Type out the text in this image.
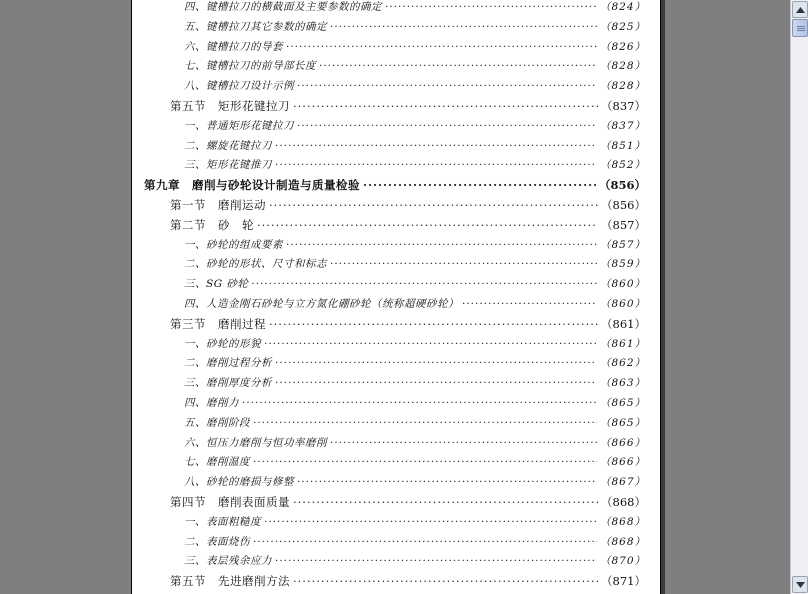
四、键槽拉刀的横截面及主要参数的确定 ·····	（824）
五、键槽拉刀其它参数的确定 ·····	（825）
六、键槽拉刀的导套 ·····	（826）
七、键槽拉刀的前导部长度 ·····	（828）
八、键槽拉刀设计示例 ·····	（828）
第五节　矩形花键拉刀 ·····	（837）
一、普通矩形花键拉刀 ·····	（837）
二、螺旋花键拉刀 ·····	（851）
三、矩形花键推刀 ·····	（852）
第九章　磨削与砂轮设计制造与质量检验 ·····	（856）
第一节　磨削运动 ·····	（856）
第二节　砂　轮 ·····	（857）
一、砂轮的组成要素 ·····	（857）
二、砂轮的形状、尺寸和标志 ·····	（859）
三、SG 砂轮 ·····	（860）
四、人造金刚石砂轮与立方氮化硼砂轮（统称超硬砂轮） ·····	（860）
第三节　磨削过程 ·····	（861）
一、砂轮的形貌 ·····	（861）
二、磨削过程分析 ·····	（862）
三、磨削厚度分析 ·····	（863）
四、磨削力 ·····	（865）
五、磨削阶段 ·····	（865）
六、恒压力磨削与恒功率磨削 ·····	（866）
七、磨削温度 ·····	（866）
八、砂轮的磨损与修整 ·····	（867）
第四节　磨削表面质量 ·····	（868）
一、表面粗糙度 ·····	（868）
二、表面烧伤 ·····	（868）
三、表层残余应力 ·····	（870）
第五节　先进磨削方法 ·····	（871）
